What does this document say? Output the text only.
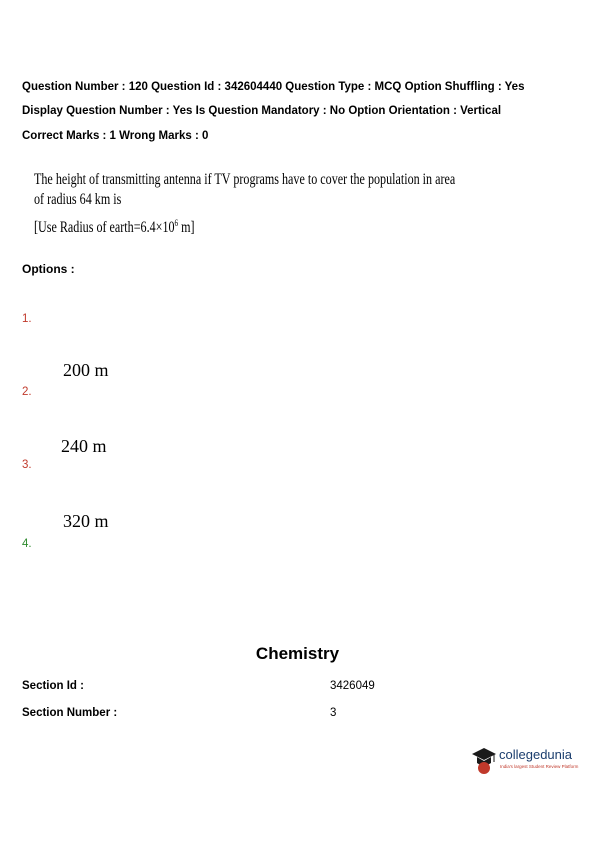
Question Number : 120 Question Id : 342604440 Question Type : MCQ Option Shuffling : Yes
Display Question Number : Yes Is Question Mandatory : No Option Orientation : Vertical
Correct Marks : 1 Wrong Marks : 0
The height of transmitting antenna if TV programs have to cover the population in area
of radius 64 km is
[Use Radius of $earth=6.4\times 10^6$ m]
Options :
1.
200 m
2.
240 m
3.
320 m
4.
Chemistry
Section Id :	3426049
Section Number :	3
collegedunia
India's largest Student Review Platform
